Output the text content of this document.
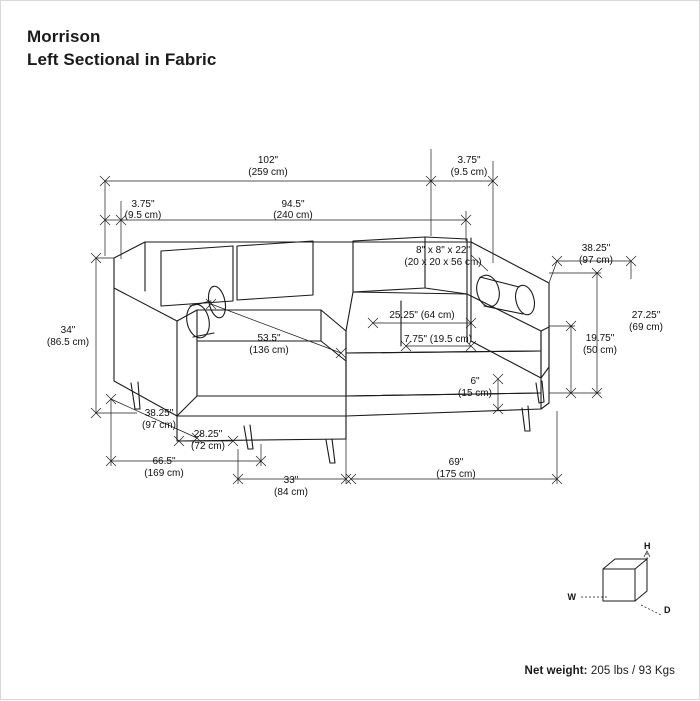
Morrison
Left Sectional in Fabric
102"
(259 cm)
3.75"
(9.5 cm)
94.5"
(240 cm)
3.75"
(9.5 cm)
8" x 8" x 22"
(20 x 20 x 56 cm)
38.25"
(97 cm)
25.25" (64 cm)
34"
(86.5 cm)	53.5"
(136 cm)
7.75" (19.5 cm)
27.25"
(69 cm)
19.75"
(50 cm)
6"
(15 cm)
38.25"
(97 cm)
28.25"
(72 cm)
66.5"
(169 cm)
33"
(84 cm)
69"
(175 cm)
H
W
D
Net weight: 205 lbs / 93 Kgs
